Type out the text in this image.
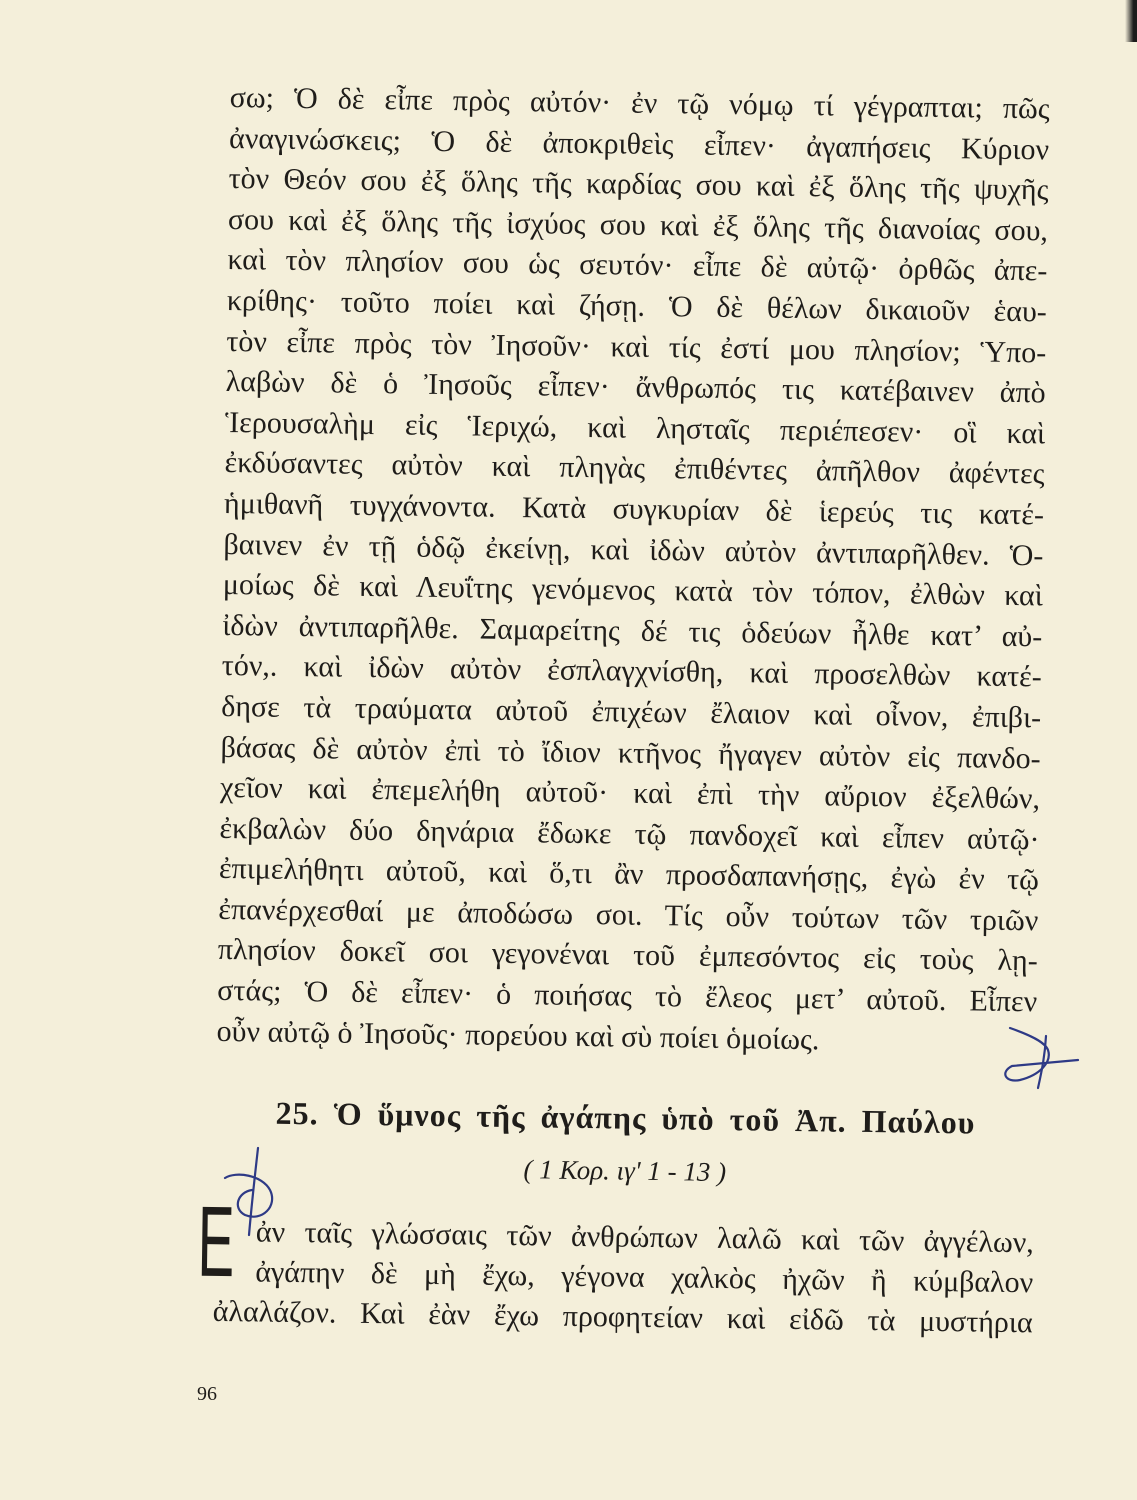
σω; Ὁ δὲ εἶπε πρὸς αὐτόν· ἐν τῷ νόμῳ τί γέγραπται; πῶς
ἀναγινώσκεις; Ὁ δὲ ἀποκριθεὶς εἶπεν· ἀγαπήσεις Κύριον
τὸν Θεόν σου ἐξ ὅλης τῆς καρδίας σου καὶ ἐξ ὅλης τῆς ψυχῆς
σου καὶ ἐξ ὅλης τῆς ἰσχύος σου καὶ ἐξ ὅλης τῆς διανοίας σου,
καὶ τὸν πλησίον σου ὡς σευτόν· εἶπε δὲ αὐτῷ· ὀρθῶς ἀπε-
κρίθης· τοῦτο ποίει καὶ ζήσῃ. Ὁ δὲ θέλων δικαιοῦν ἑαυ-
τὸν εἶπε πρὸς τὸν Ἰησοῦν· καὶ τίς ἐστί μου πλησίον; Ὑπο-
λαβὼν δὲ ὁ Ἰησοῦς εἶπεν· ἄνθρωπός τις κατέβαινεν ἀπὸ
Ἱερουσαλὴμ εἰς Ἱεριχώ, καὶ λησταῖς περιέπεσεν· οἳ καὶ
ἐκδύσαντες αὐτὸν καὶ πληγὰς ἐπιθέντες ἀπῆλθον ἀφέντες
ἡμιθανῆ τυγχάνοντα. Κατὰ συγκυρίαν δὲ ἱερεύς τις κατέ-
βαινεν ἐν τῇ ὁδῷ ἐκείνῃ, καὶ ἰδὼν αὐτὸν ἀντιπαρῆλθεν. Ὁ-
μοίως δὲ καὶ Λευΐτης γενόμενος κατὰ τὸν τόπον, ἐλθὼν καὶ
ἰδὼν ἀντιπαρῆλθε. Σαμαρείτης δέ τις ὁδεύων ἦλθε κατ’ αὐ-
τόν,. καὶ ἰδὼν αὐτὸν ἐσπλαγχνίσθη, καὶ προσελθὼν κατέ-
δησε τὰ τραύματα αὐτοῦ ἐπιχέων ἔλαιον καὶ οἶνον, ἐπιβι-
βάσας δὲ αὐτὸν ἐπὶ τὸ ἴδιον κτῆνος ἤγαγεν αὐτὸν εἰς πανδο-
χεῖον καὶ ἐπεμελήθη αὐτοῦ· καὶ ἐπὶ τὴν αὔριον ἐξελθών,
ἐκβαλὼν δύο δηνάρια ἔδωκε τῷ πανδοχεῖ καὶ εἶπεν αὐτῷ·
ἐπιμελήθητι αὐτοῦ, καὶ ὅ,τι ἂν προσδαπανήσῃς, ἐγὼ ἐν τῷ
ἐπανέρχεσθαί με ἀποδώσω σοι. Τίς οὖν τούτων τῶν τριῶν
πλησίον δοκεῖ σοι γεγονέναι τοῦ ἐμπεσόντος εἰς τοὺς λῃ-
στάς; Ὁ δὲ εἶπεν· ὁ ποιήσας τὸ ἔλεος μετ’ αὐτοῦ. Εἶπεν
οὖν αὐτῷ ὁ Ἰησοῦς· πορεύου καὶ σὺ ποίει ὁμοίως.
25. Ὁ ὕμνος τῆς ἀγάπης ὑπὸ τοῦ Ἀπ. Παύλου
( 1 Κορ. ιγ' 1 - 13 )
Ε ἀν ταῖς γλώσσαις τῶν ἀνθρώπων λαλῶ καὶ τῶν ἀγγέλων,
ἀγάπην δὲ μὴ ἔχω, γέγονα χαλκὸς ἠχῶν ἢ κύμβαλον
ἀλαλάζον. Καὶ ἐὰν ἔχω προφητείαν καὶ εἰδῶ τὰ μυστήρια
96
